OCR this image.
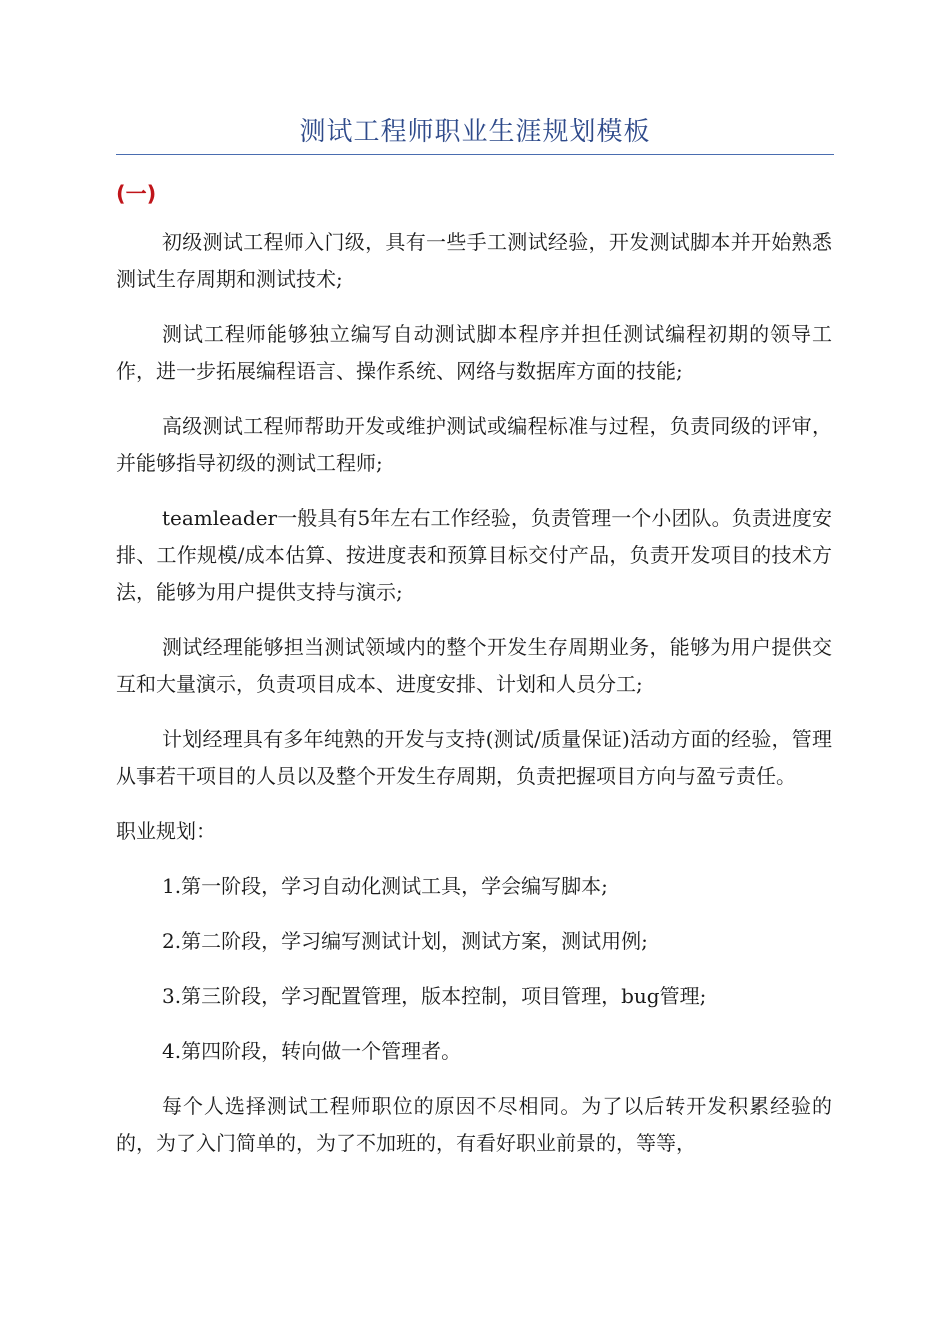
测试工程师职业生涯规划模板
(一)

初级测试工程师入门级，具有一些手工测试经验，开发测试脚本并开始熟悉测试生存周期和测试技术;

测试工程师能够独立编写自动测试脚本程序并担任测试编程初期的领导工作，进一步拓展编程语言、操作系统、网络与数据库方面的技能;

高级测试工程师帮助开发或维护测试或编程标准与过程，负责同级的评审，并能够指导初级的测试工程师;

teamleader一般具有5年左右工作经验，负责管理一个小团队。负责进度安排、工作规模/成本估算、按进度表和预算目标交付产品，负责开发项目的技术方法，能够为用户提供支持与演示;

测试经理能够担当测试领域内的整个开发生存周期业务，能够为用户提供交互和大量演示，负责项目成本、进度安排、计划和人员分工;

计划经理具有多年纯熟的开发与支持(测试/质量保证)活动方面的经验，管理从事若干项目的人员以及整个开发生存周期，负责把握项目方向与盈亏责任。

职业规划：

1.第一阶段，学习自动化测试工具，学会编写脚本;

2.第二阶段，学习编写测试计划，测试方案，测试用例;

3.第三阶段，学习配置管理，版本控制，项目管理，bug管理;

4.第四阶段，转向做一个管理者。

每个人选择测试工程师职位的原因不尽相同。为了以后转开发积累经验的的，为了入门简单的，为了不加班的，有看好职业前景的，等等，
